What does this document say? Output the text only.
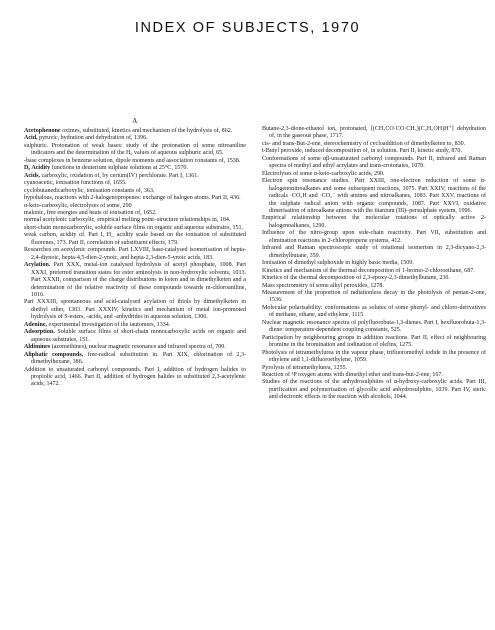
INDEX OF SUBJECTS, 1970
A

Acetophenone oximes, substituted, kinetics and mechanism of the hydrolysis of, 862.

Acid, pyruvic, hydration and dehydration of, 1396.

sulphuric. Protonation of weak bases: study of the protonation of some nitroaniline indicators and the determination of the H₀ values of aqueous sulphuric acid, 65.

-base complexes in benzene solution, dipole moments and association constants of, 1538.

D₀ Acidity functions in deuterium sulphate solutions at 25°C, 1570.

Acids, carboxylic, oxidation of, by cerium(IV) perchlorate. Part I, 1361.

cyanoacetic, ionisation functions of, 1655.

cyclobutanedicarboxylic, ionisation constants of, 363.

hypohalous, reactions with 2-halogenopropenes: exchange of halogen atoms. Part II, 436.

α-keto-carboxylic, electrolyses of some, 290

malonic, free energies and heats of ionisation of, 1652.

normal acetylenic carboxylic, empirical melting point–structure relationships in, 184.

short-chain monocarboxylic, soluble surface films on organic and aqueous substrates, 151.

weak carbon, acidity of. Part I, H_ acidity scale based on the ionisation of substituted fluorenes, 173. Part II, correlation of substituent effects, 179.

Researches on acetylenic compounds. Part LXVIII, base-catalysed isomerisation of hepta-2,4-diynoic, hepta-4,5-dien-2-ynoic, and hepta-2,3-dien-5-ynoic acids, 183.

Acylation. Part XXX, metal-ion catalysed hydrolysis of acetyl phosphate, 1008. Part XXXI, preferred transition states for ester aminolysis in non-hydroxylic solvents, 1013. Part XXXII, comparison of the charge distributions in keten and in dimethylketen and a determination of the relative reactivity of these compounds towards m-chloroaniline, 1016.

Part XXXIII, spontaneous and acid-catalysed acylation of thiols by dimethylketen in diethyl ether, 1303. Part XXXIV, kinetics and mechanism of metal ion-promoted hydrolysis of S-esters, -acids, and -anhydrides in aqueous solution, 1306.

Adenine, experimental investigation of the tautomers, 1334.

Adsorption. Soluble surface films of short-chain monocarboxylic acids on organic and aqueous substrates, 151.

Aldimines (azomethines), nuclear magnetic resonance and infrared spectra of, 700.

Aliphatic compounds, free-radical substitution in. Part XIX, chlorination of 2,3-dimethylhexane, 386.

Addition to unsaturated carbonyl compounds. Part I, addition of hydrogen halides to propiolic acid, 1466. Part II, addition of hydrogen halides to substituted 2,3-acetylenic acids, 1472.

Butane-2,3-dione-ethanol ion, protonated, [(CH₃CO·CO·CH₃)(C₂H₅OH)H⁺] dehydration of, in the gaseous phase, 1717.

cis- and trans-But-2-ene, stereochemistry of cycloaddition of dimethylketen to, 830.

t-Butyl peroxide, induced decomposition of, in solution. Part II, kinetic study, 870.

Conformations of some αβ-unsaturated carbonyl compounds. Part II, infrared and Raman spectra of methyl and ethyl acrylates and trans-crotonates, 1070.

Electrolyses of some α-keto-carboxylic acids, 290.

Electron spin resonance studies. Part XXIII, one-electron reduction of some α-halogenonitroalkanes and some subsequent reactions, 1075. Part XXIV, reactions of the radicals ·CO₂H and ·CO₂⁻ with amines and nitroalkanes, 1083. Part XXV, reactions of the sulphate radical anion with organic compounds, 1087. Part XXVI, oxidative dimerisation of nitroalkane anions with the titanium (III)–persulphate system, 1096.

Empirical relationship between the molecular rotations of optically active 2-halogenoalkanes, 1290.

Influence of the nitro-group upon side-chain reactivity. Part VII, substitution and elimination reactions in 2-chloropropene systems, 412.

Infrared and Raman spectroscopic study of rotational isomerism in 2,3-dicyano-2,3-dimethylbutane, 359.

Ionisation of dimethyl sulphoxide in highly basic media, 1509.

Kinetics and mechanism of the thermal decomposition of 1-bromo-2-chloroethane, 687.

Kinetics of the thermal decomposition of 2,3-epoxy-2,3-dimethylbutane, 230.

Mass spectrometry of some alkyl peroxides, 1278.

Measurement of the proportion of radiationless decay in the photolysis of pentan-2-one, 1536.

Molecular polarisability: conformations as solutes of some phenyl- and chloro-derivatives of methane, ethane, and ethylene, 1115.

Nuclear magnetic resonance spectra of polyfluorobuta-1,3-dienes. Part I, hexfluorobuta-1,3-diene: temperature-dependent coupling constants, 525.

Participation by neighbouring groups in addition reactions. Part II, effect of neighbouring bromine in the bromination and iodination of olefins, 1275.

Photolysis of tetramethylurea in the vapour phase, trifluoromethyl iodide in the presence of ethylene and 1,1-difluoroethylene, 1059.

Pyrolysis of tetramethylurea, 1255.

Reaction of ³P oxygen atoms with dimethyl ether and trans-but-2-ene, 167.

Studies of the reactions of the anhydrosulphites of α-hydroxy-carboxylic acids. Part III, purification and polymerisation of glycollic acid anhydrosulphite, 1039. Part IV, steric and electronic effects in the reaction with alcohols, 1044.
